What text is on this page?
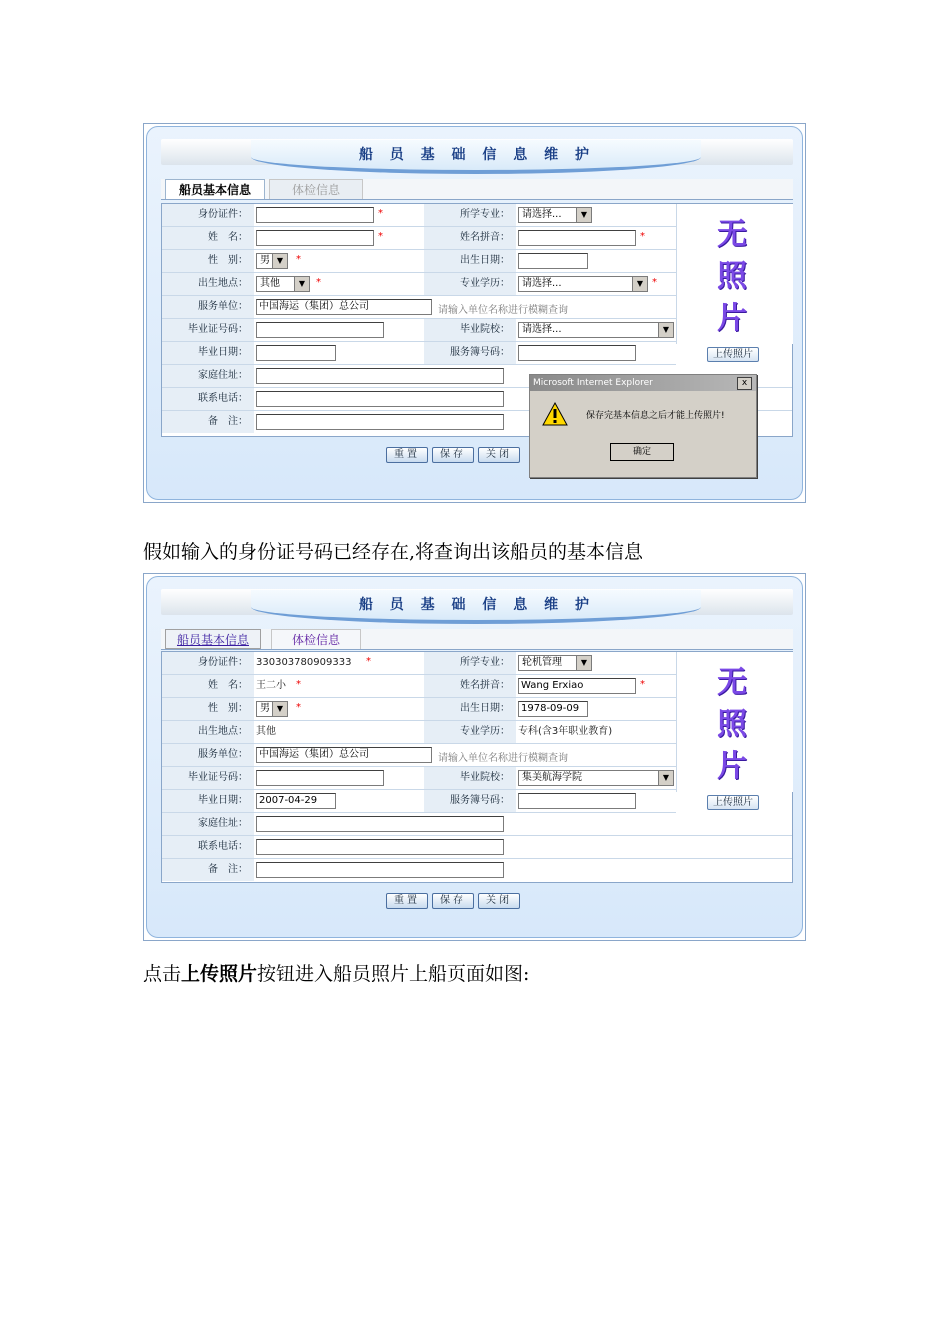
船 员 基 础 信 息 维 护
船员基本信息	体检信息
身份证件：	*	所学专业：	请选择...	▼
姓　名：	*	姓名拼音：	*
性　别：	男 ▼	*	出生日期：
出生地点：	其他	▼	*	专业学历：	请选择...	▼ *
服务单位：	中国海运（集团）总公司	请输入单位名称进行模糊查询
毕业证号码：	毕业院校：	请选择...	▼
毕业日期：	服务簿号码：
家庭住址：
联系电话：
备　注：
无
照
片
上传照片
重置	保存	关闭
Microsoft Internet Explorer	x
保存完基本信息之后才能上传照片!
确定
假如输入的身份证号码已经存在,将查询出该船员的基本信息
船 员 基 础 信 息 维 护
船员基本信息	体检信息
身份证件： 330303780909333 *	所学专业：	轮机管理	▼
姓　名： 王二小 *	姓名拼音：	Wang Erxiao	*
性　别：	男 ▼	*	出生日期：	1978-09-09
出生地点： 其他	专业学历： 专科(含3年职业教育)
服务单位：	中国海运（集团）总公司	请输入单位名称进行模糊查询
毕业证号码：	毕业院校：	集美航海学院	▼
毕业日期：	2007-04-29	服务簿号码：
家庭住址：
联系电话：
备　注：
无
照
片
上传照片
重置	保存	关闭
点击上传照片按钮进入船员照片上船页面如图:
